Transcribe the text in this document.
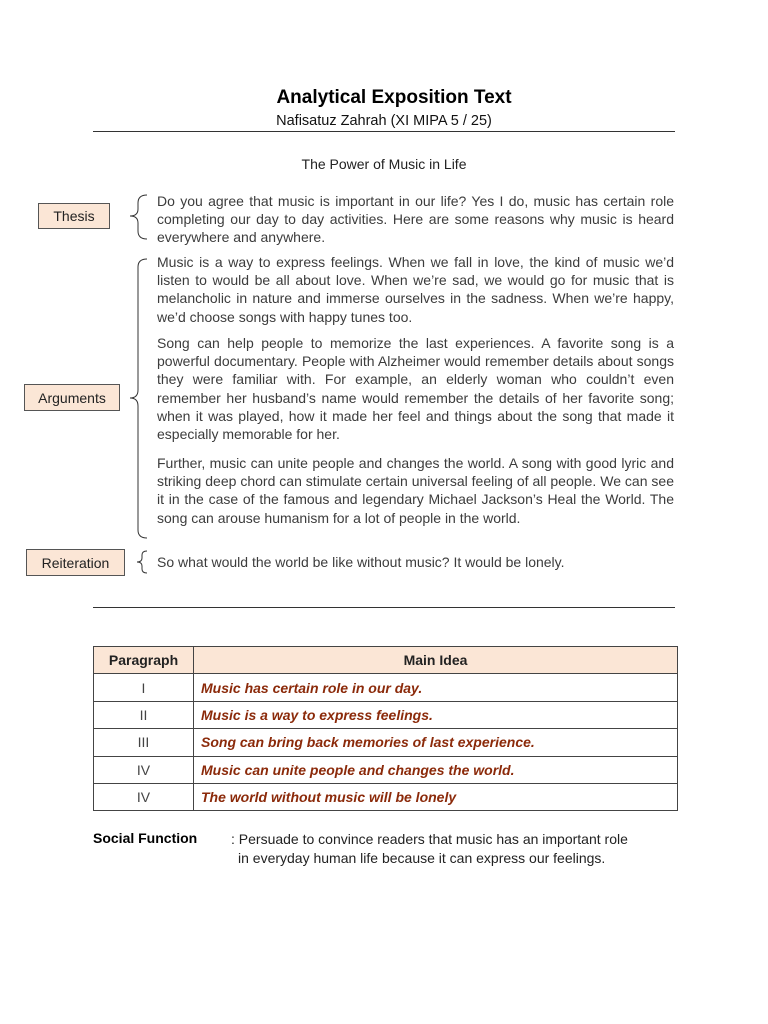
Analytical Exposition Text
Nafisatuz Zahrah (XI MIPA 5 / 25)
The Power of Music in Life
Thesis
Arguments
Reiteration
Do you agree that music is important in our life? Yes I do, music has certain role completing our day to day activities. Here are some reasons why music is heard everywhere and anywhere.
Music is a way to express feelings. When we fall in love, the kind of music we’d listen to would be all about love. When we’re sad, we would go for music that is melancholic in nature and immerse ourselves in the sadness. When we’re happy, we’d choose songs with happy tunes too.
Song can help people to memorize the last experiences. A favorite song is a powerful documentary. People with Alzheimer would remember details about songs they were familiar with. For example, an elderly woman who couldn’t even remember her husband’s name would remember the details of her favorite song; when it was played, how it made her feel and things about the song that made it especially memorable for her.
Further, music can unite people and changes the world. A song with good lyric and striking deep chord can stimulate certain universal feeling of all people. We can see it in the case of the famous and legendary Michael Jackson’s Heal the World. The song can arouse humanism for a lot of people in the world.
So what would the world be like without music? It would be lonely.
Paragraph	Main Idea
I	Music has certain role in our day.
II	Music is a way to express feelings.
III	Song can bring back memories of last experience.
IV	Music can unite people and changes the world.
IV	The world without music will be lonely
Social Function : Persuade to convince readers that music has an important role
in everyday human life because it can express our feelings.
